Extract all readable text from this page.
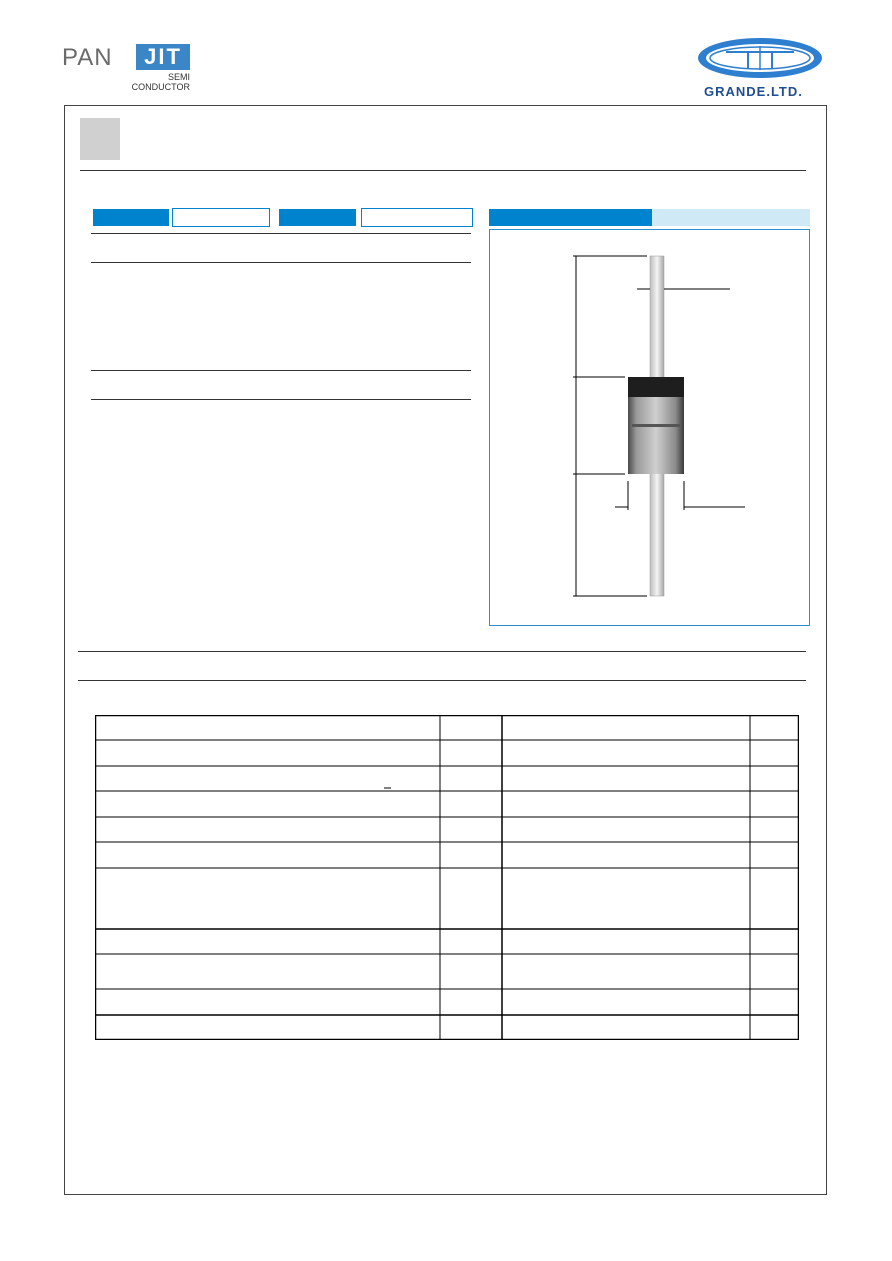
PAN	JIT
SEMI
CONDUCTOR	GRANDE.LTD.
